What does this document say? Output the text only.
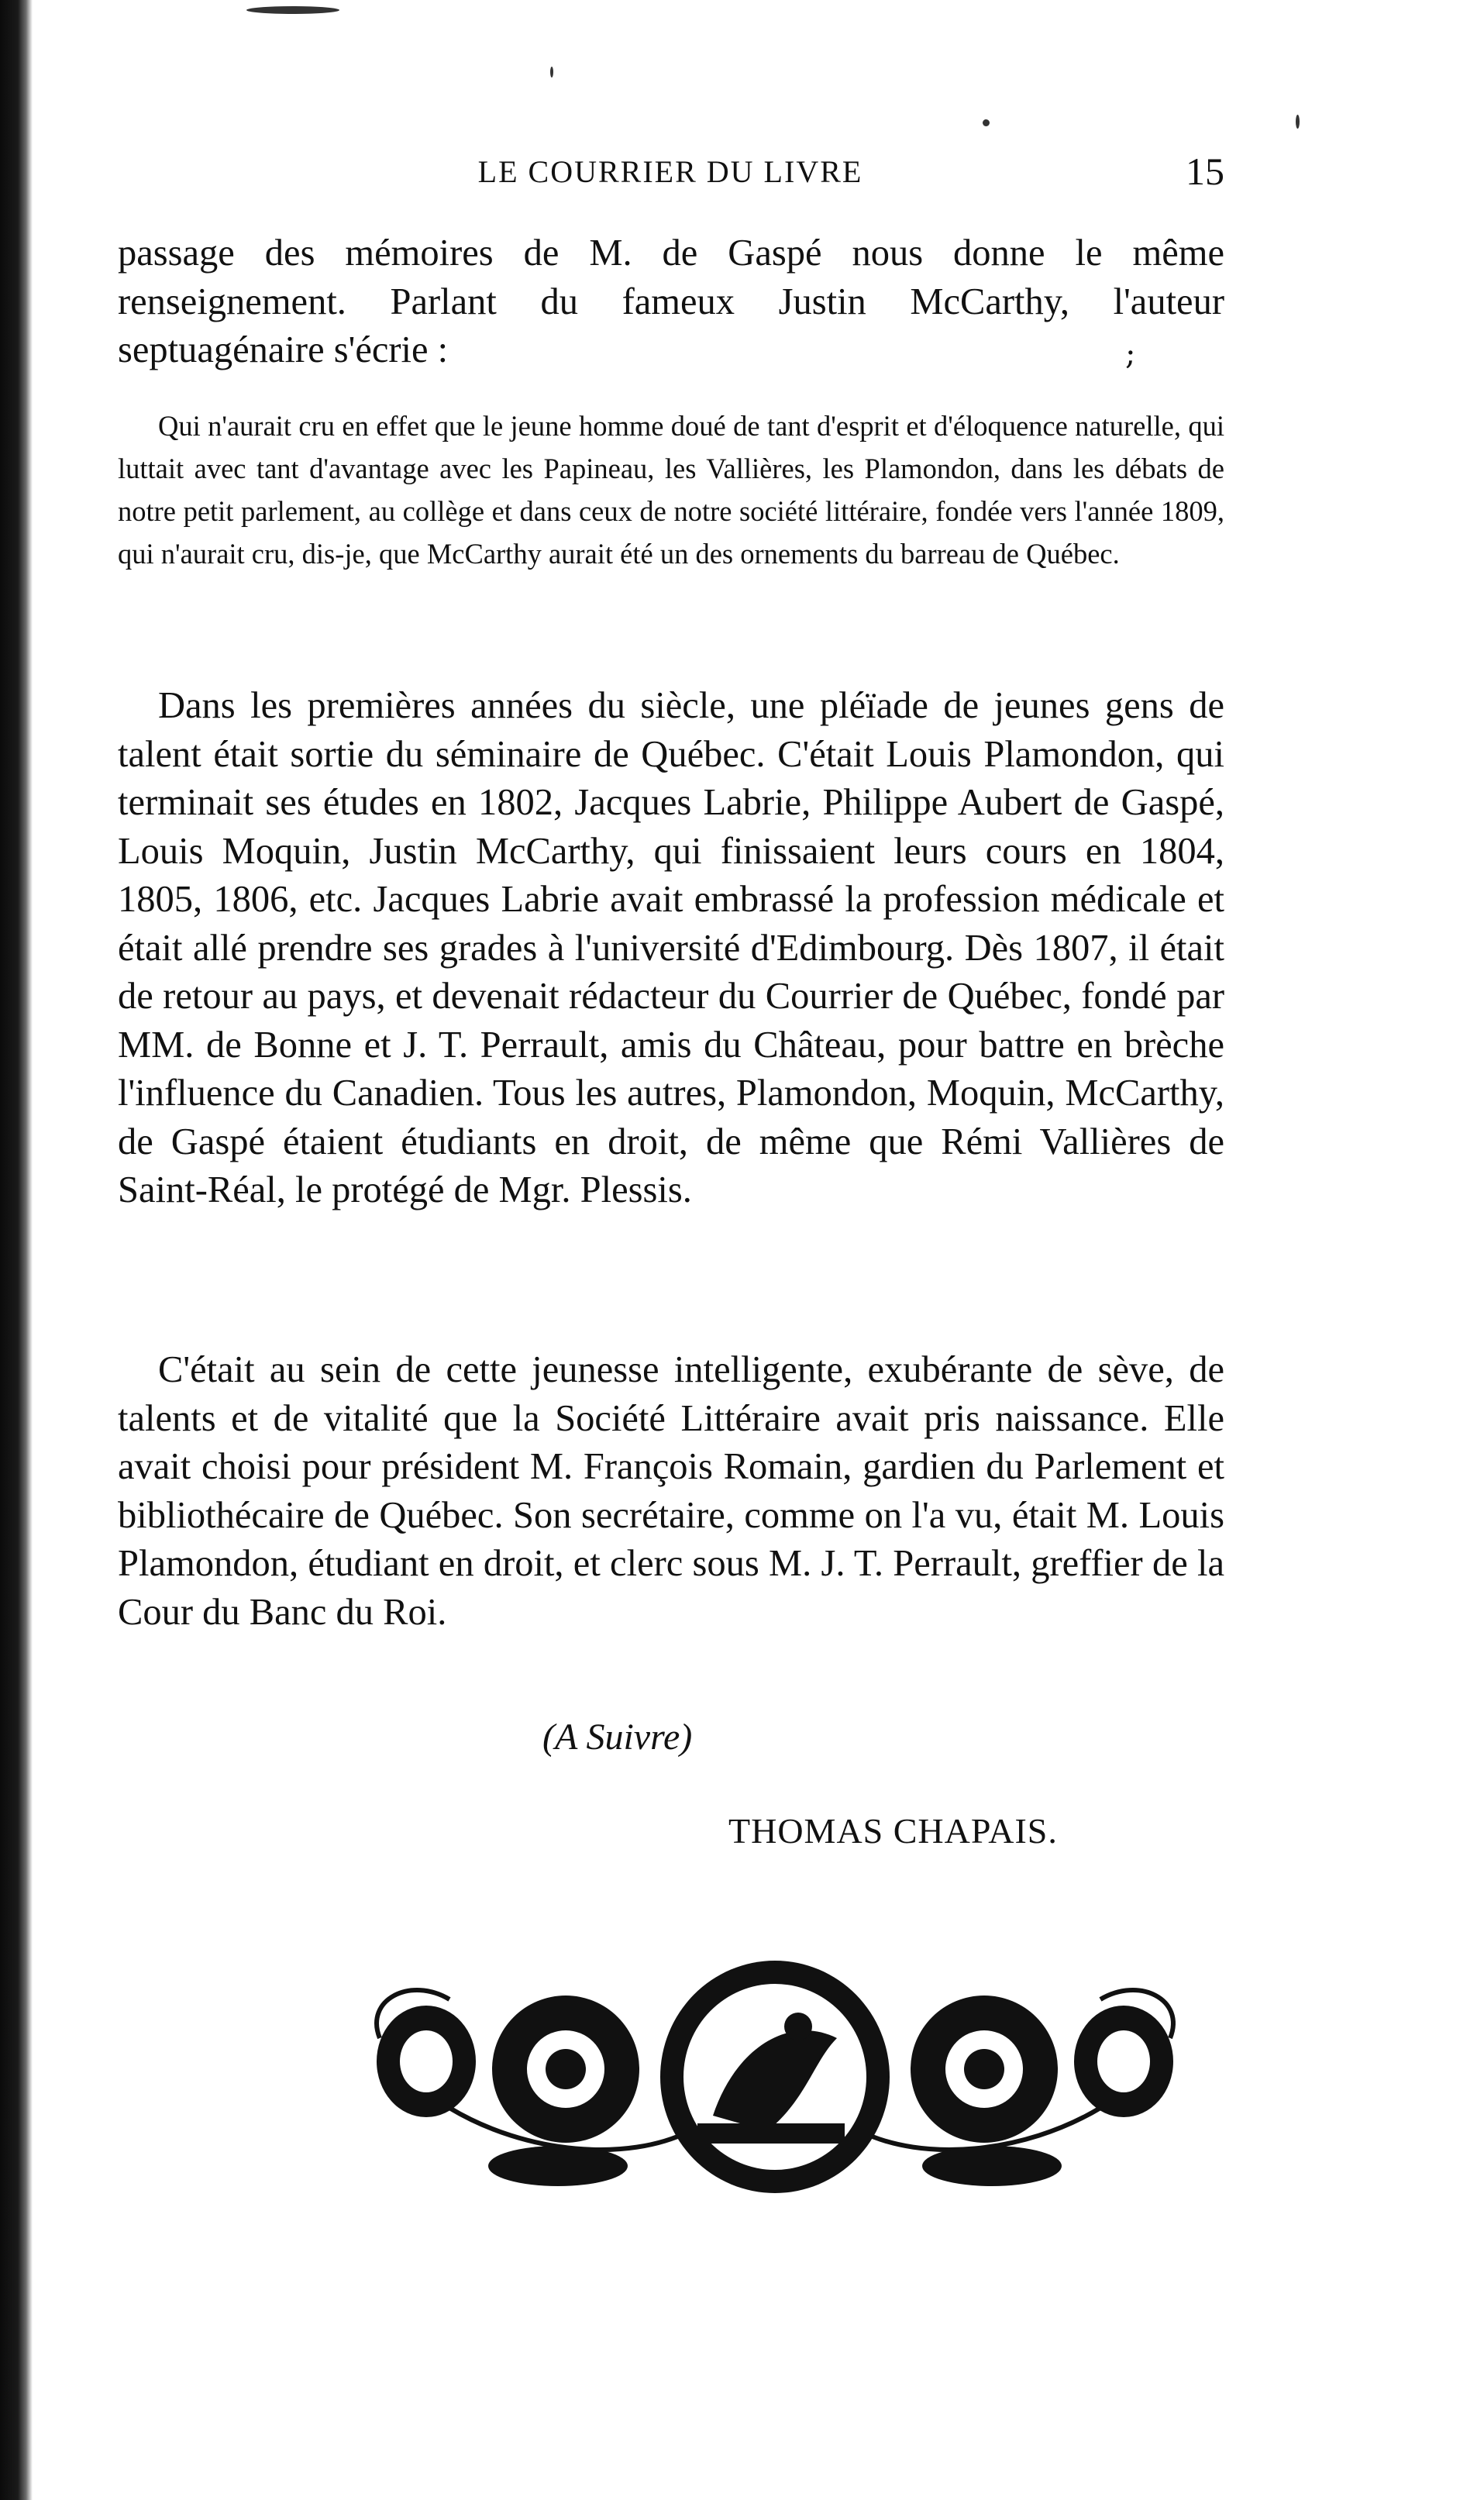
LE COURRIER DU LIVRE	15

passage des mémoires de M. de Gaspé nous donne le même renseignement. Parlant du fameux Justin McCarthy, l'auteur septuagénaire s'écrie :	;

Qui n'aurait cru en effet que le jeune homme doué de tant d'esprit et d'éloquence naturelle, qui luttait avec tant d'avantage avec les Papineau, les Vallières, les Plamondon, dans les débats de notre petit parlement, au collège et dans ceux de notre société littéraire, fondée vers l'année 1809, qui n'aurait cru, dis-je, que McCarthy aurait été un des ornements du barreau de Québec.

Dans les premières années du siècle, une pléïade de jeunes gens de talent était sortie du séminaire de Québec. C'était Louis Plamondon, qui terminait ses études en 1802, Jacques Labrie, Philippe Aubert de Gaspé, Louis Moquin, Justin McCarthy, qui finissaient leurs cours en 1804, 1805, 1806, etc. Jacques Labrie avait embrassé la profession médicale et était allé prendre ses grades à l'université d'Edimbourg. Dès 1807, il était de retour au pays, et devenait rédacteur du Courrier de Québec, fondé par MM. de Bonne et J. T. Perrault, amis du Château, pour battre en brèche l'influence du Canadien. Tous les autres, Plamondon, Moquin, McCarthy, de Gaspé étaient étudiants en droit, de même que Rémi Vallières de Saint-Réal, le protégé de Mgr. Plessis.

C'était au sein de cette jeunesse intelligente, exubérante de sève, de talents et de vitalité que la Société Littéraire avait pris naissance. Elle avait choisi pour président M. François Romain, gardien du Parlement et bibliothécaire de Québec. Son secrétaire, comme on l'a vu, était M. Louis Plamondon, étudiant en droit, et clerc sous M. J. T. Perrault, greffier de la Cour du Banc du Roi.

(A Suivre)
THOMAS CHAPAIS.
